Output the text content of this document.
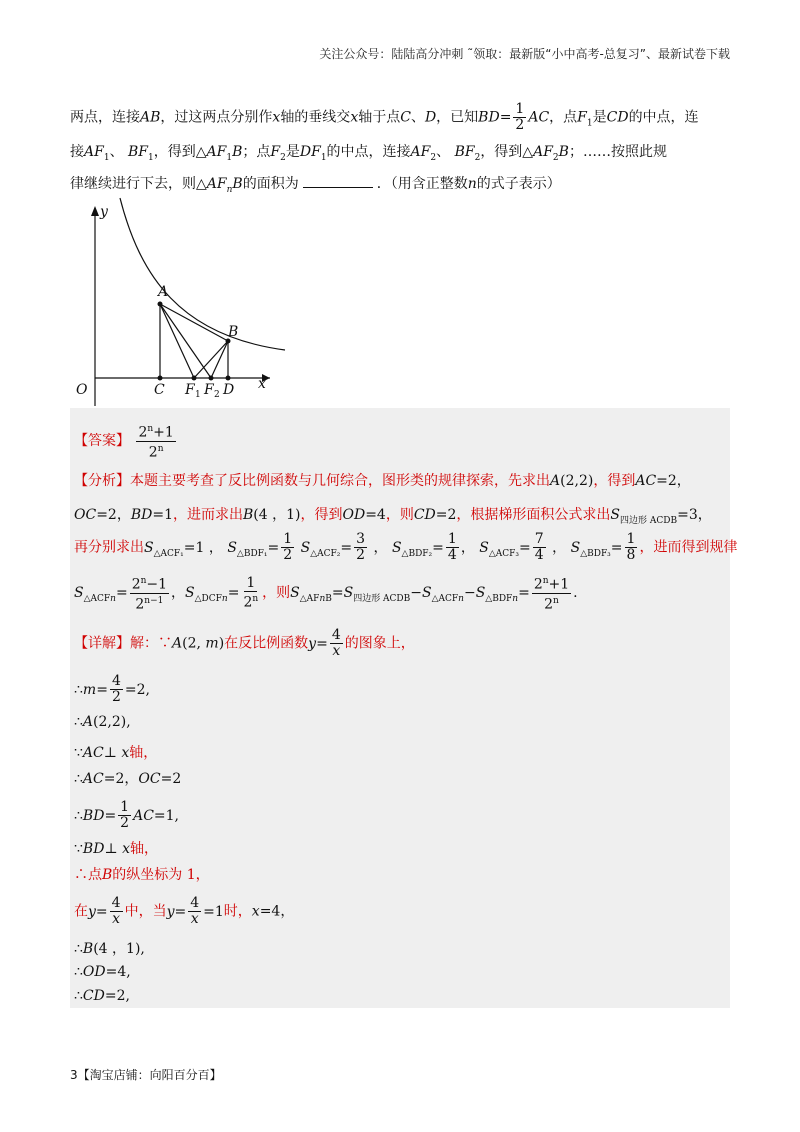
关注公众号：陆陆高分冲刺 ˜领取：最新版“小中高考-总复习”、最新试卷下载
两点，连接AB，过这两点分别作x轴的垂线交x轴于点C、D，已知$BD= \frac{1}{2}$ AC，点$F_1$是CD的中点，连
接$AF_1$、 $BF_1$，得到$\triangle AF_1B$；点$F_2$是$DF_1$的中点，连接$AF_2$、 $BF_2$，得到$\triangle AF_2B$；……按照此规
律继续进行下去，则$\triangle AF_nB$的面积为	．（用含正整数n的式子表示）
y
x
O
A
B
C F 1 F 2 D
【答案】 $\frac{2^n+1}{2^n}$
【分析】本题主要考查了反比例函数与几何综合，图形类的规律探索，先求出A(2,2)，得到AC=2，
OC=2，BD=1，进而求出B(4 ，1)，得到OD=4，则CD=2，根据梯形面积公式求出$S_{四边形 ACDB}=3$，
再分别求出$S_{\triangle ACF_1}=1$ ， $S_{\triangle BDF_1}= \frac{1}{2} S_{\triangle ACF_2}= \frac{3}{2}$ ， $S_{\triangle BDF_2}= \frac{1}{4}$ ， $S_{\triangle ACF_3}= \frac{7}{4}$ ， $S_{\triangle BDF_3}= \frac{1}{8}$ ，进而得到规律
$S_{\triangle ACFn}= \frac{2^n-1}{2^{n-1}}$ ，$S_{\triangle DCFn}= \frac{1}{2^n}$ ，则$S_{\triangle AFnB}=S_{四边形 ACDB}-S_{\triangle ACFn}-S_{\triangle BDFn}= \frac{2^n+1}{2^n}$ .
【详解】解：∵A(2, m)在反比例函数$y= \frac{4}{x}$ 的图象上，
∴m= $\frac{4}{2} =2$,
∴A(2,2),
∵AC⊥ x轴，
∴AC=2，OC=2
∴BD= $\frac{1}{2} AC=1$,
∵BD⊥ x轴，
∴点B的纵坐标为 1，
在$y= \frac{4}{x}$ 中，当$y= \frac{4}{x} =1$时，x=4，
∴B(4 ，1),
∴OD=4,
∴CD=2,
3【淘宝店铺：向阳百分百】
